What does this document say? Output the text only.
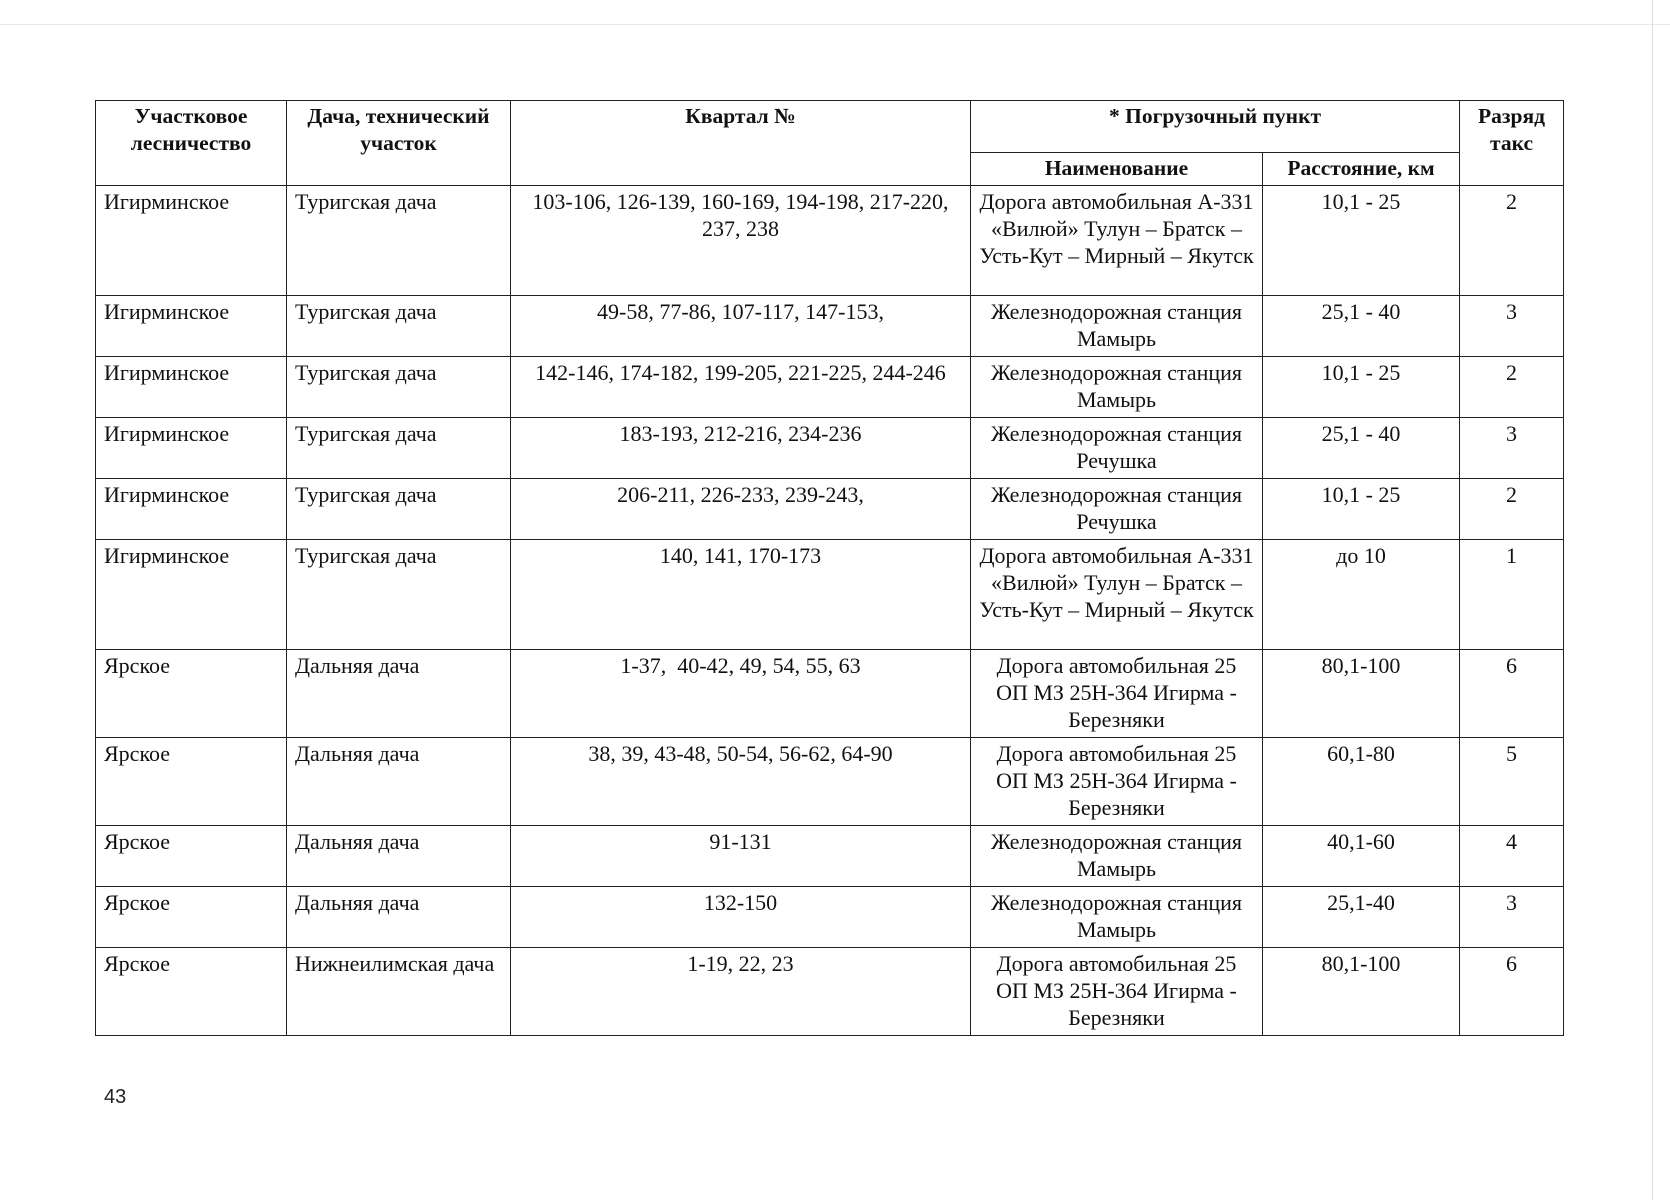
Участковое лесничество	Дача, технический участок	Квартал №	* Погрузочный пункт		Разряд такс
			Наименование	Расстояние, км	
Игирминское	Туригская дача	103-106, 126-139, 160-169, 194-198, 217-220, 237, 238	Дорога автомобильная А-331 «Вилюй» Тулун – Братск – Усть-Кут – Мирный – Якутск	10,1 - 25	2
Игирминское	Туригская дача	49-58, 77-86, 107-117, 147-153,	Железнодорожная станция Мамырь	25,1 - 40	3
Игирминское	Туригская дача	142-146, 174-182, 199-205, 221-225, 244-246	Железнодорожная станция Мамырь	10,1 - 25	2
Игирминское	Туригская дача	183-193, 212-216, 234-236	Железнодорожная станция Речушка	25,1 - 40	3
Игирминское	Туригская дача	206-211, 226-233, 239-243,	Железнодорожная станция Речушка	10,1 - 25	2
Игирминское	Туригская дача	140, 141, 170-173	Дорога автомобильная А-331 «Вилюй» Тулун – Братск – Усть-Кут – Мирный – Якутск	до 10	1
Ярское	Дальняя дача	1-37,  40-42, 49, 54, 55, 63	Дорога автомобильная 25 ОП МЗ 25Н-364 Игирма - Березняки	80,1-100	6
Ярское	Дальняя дача	38, 39, 43-48, 50-54, 56-62, 64-90	Дорога автомобильная 25 ОП МЗ 25Н-364 Игирма - Березняки	60,1-80	5
Ярское	Дальняя дача	91-131	Железнодорожная станция Мамырь	40,1-60	4
Ярское	Дальняя дача	132-150	Железнодорожная станция Мамырь	25,1-40	3
Ярское	Нижнеилимская дача	1-19, 22, 23	Дорога автомобильная 25 ОП МЗ 25Н-364 Игирма - Березняки	80,1-100	6
43
